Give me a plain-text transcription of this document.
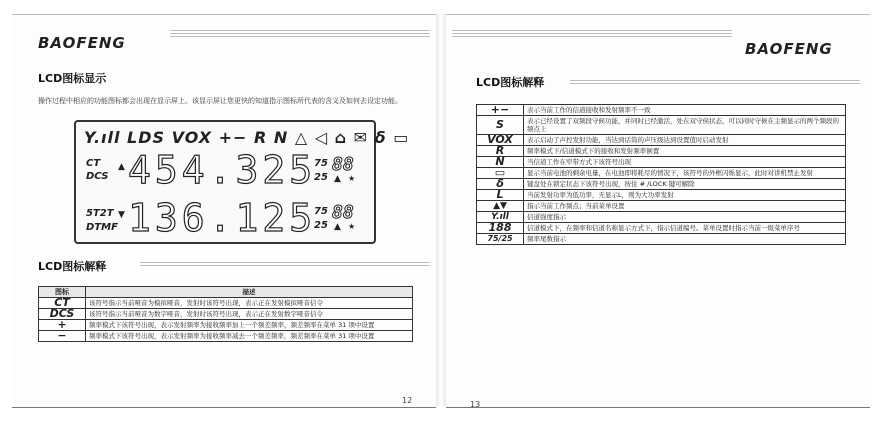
BAOFENG
LCD图标显示
操作过程中相应的功能图标都会出现在显示屏上。该显示屏让您更快的知道指示图标所代表的含义及如何去设定功能。
Y.ıll LDS VOX +− R N △ ◁ ⌂ ✉ δ ▭
CT
DCS
▲ 454.325
75
25
88
▲ ★
5T2T
DTMF
▼ 136.125
75
25
88
▲ ★
LCD图标解释
图标	描述
CT	该符号指示当前哑音为模拟哑音，发射时该符号出现，表示正在发射模拟哑音信令
DCS	该符号指示当前哑音为数字哑音，发射时该符号出现，表示正在发射数字哑音信令
+	频率模式下该符号出现，表示发射频率为接收频率加上一个频差频率，频差频率在菜单 31 项中设置
−	频率模式下该符号出现，表示发射频率为接收频率减去一个频差频率，频差频率在菜单 31 项中设置
12
BAOFENG
LCD图标解释
+−	表示当前工作的信道接收和发射频率不一致
S	表示已经设置了双频段守候功能，并同时已经激活，处在双守侯状态，可以同时守候在主频显示的两个频段的频点上
VOX	表示启动了声控发射功能，当达到话筒的声压级达到设置值时启动发射
R	频率模式下/信道模式下的接收和发射频率倒置
N	当信道工作在窄带方式下该符号出现
▭	显示当前电池的剩余电量，在电池即将耗尽的情况下，该符号的外框闪烁显示，此时对讲机禁止发射
δ	键盘处在锁定状态下该符号出现，按住 # /LOCK 键可解除
L	当前发射功率为低功率，无显示L，则为大功率发射
▲▼	指示当前工作频点；当前菜单设置
Y.ıll	信道强度指示
188	信道模式下，在频率和信道名称显示方式下，指示信道编号。菜单设置时指示当前一级菜单序号
75/25	频率尾数指示
13
